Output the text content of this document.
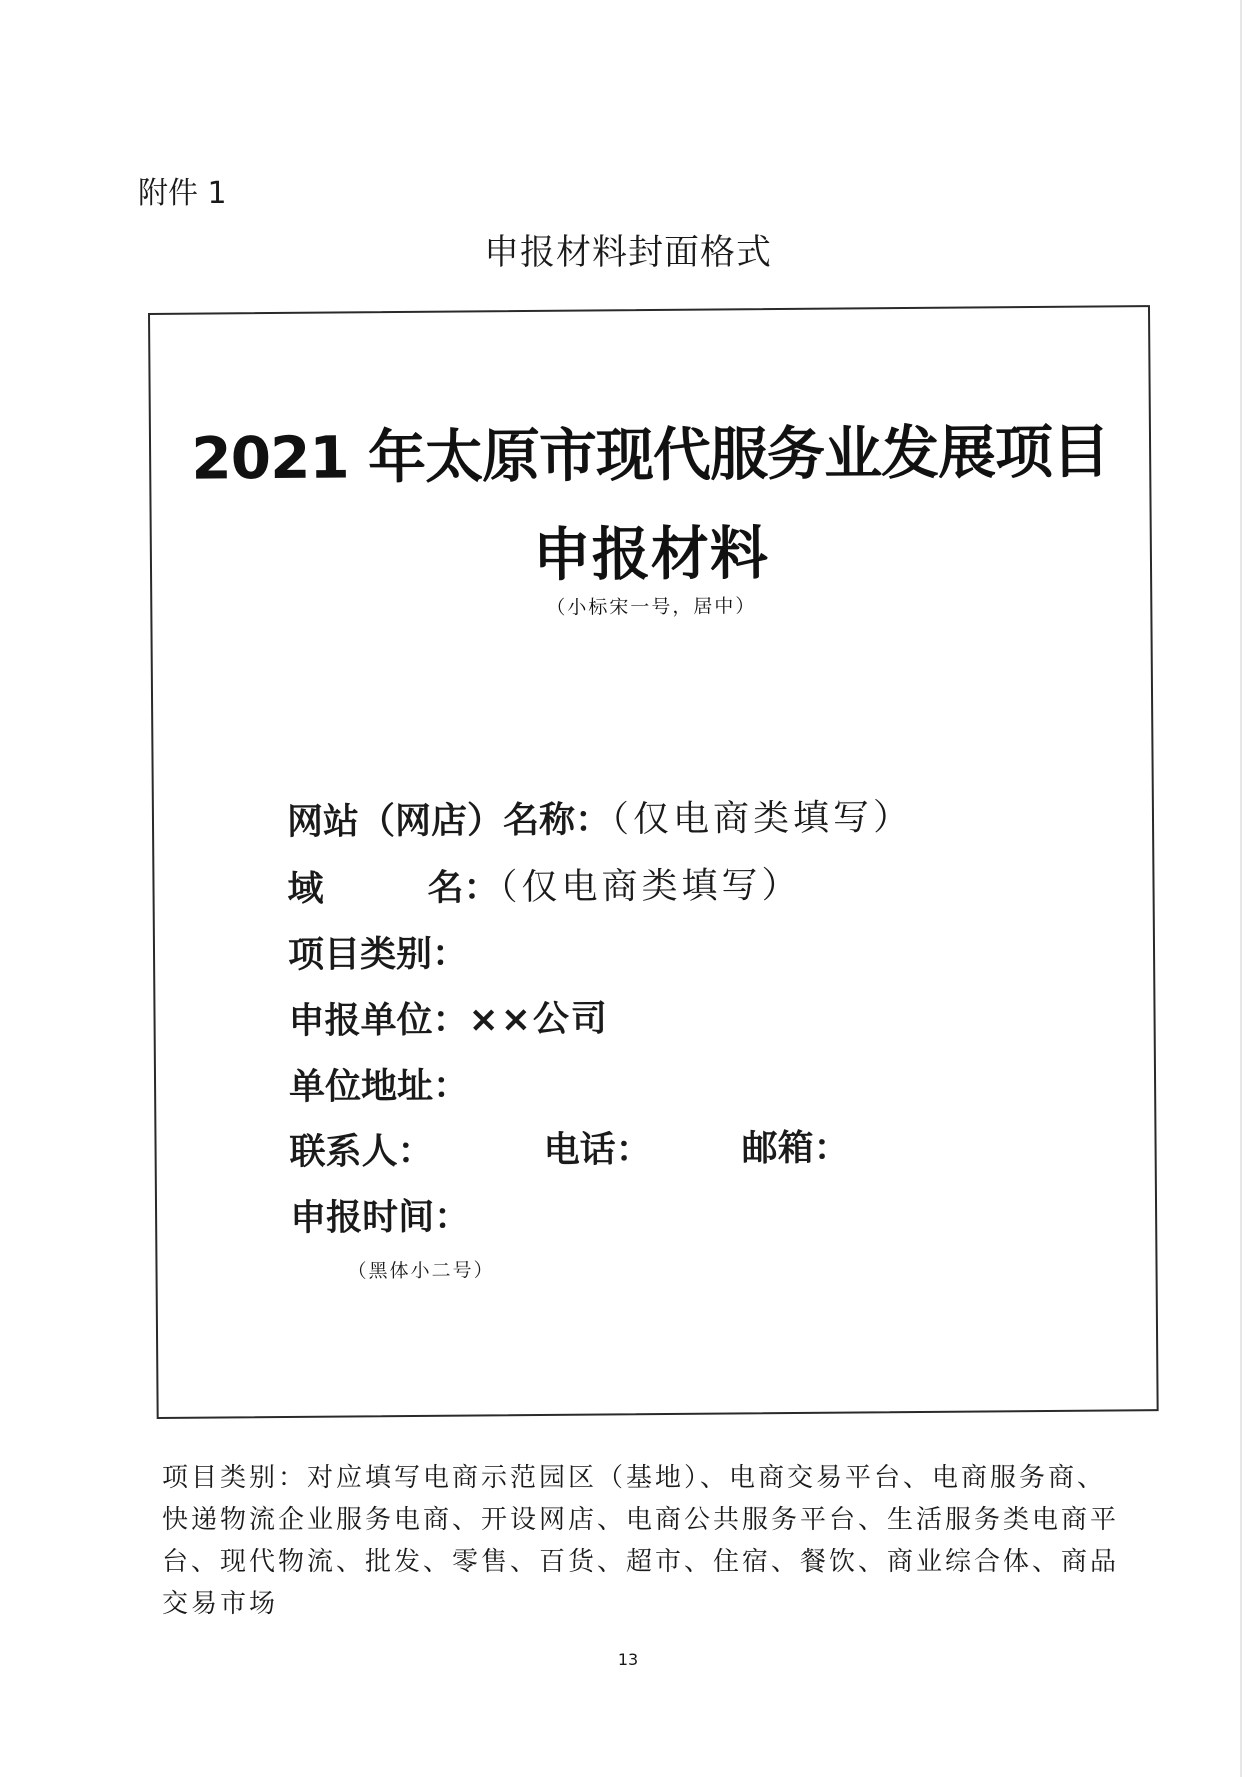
附件 1
申报材料封面格式
2021 年太原市现代服务业发展项目
申报材料
（小标宋一号，居中）
网站（网店）名称：（仅电商类填写）
域	名：（仅电商类填写）
项目类别：
申报单位：××公司
单位地址：
联系人：	电话： 邮箱：
申报时间：
（黑体小二号）
项目类别：对应填写电商示范园区（基地）、电商交易平台、电商服务商、快递物流企业服务电商、开设网店、电商公共服务平台、生活服务类电商平台、现代物流、批发、零售、百货、超市、住宿、餐饮、商业综合体、商品交易市场
13
